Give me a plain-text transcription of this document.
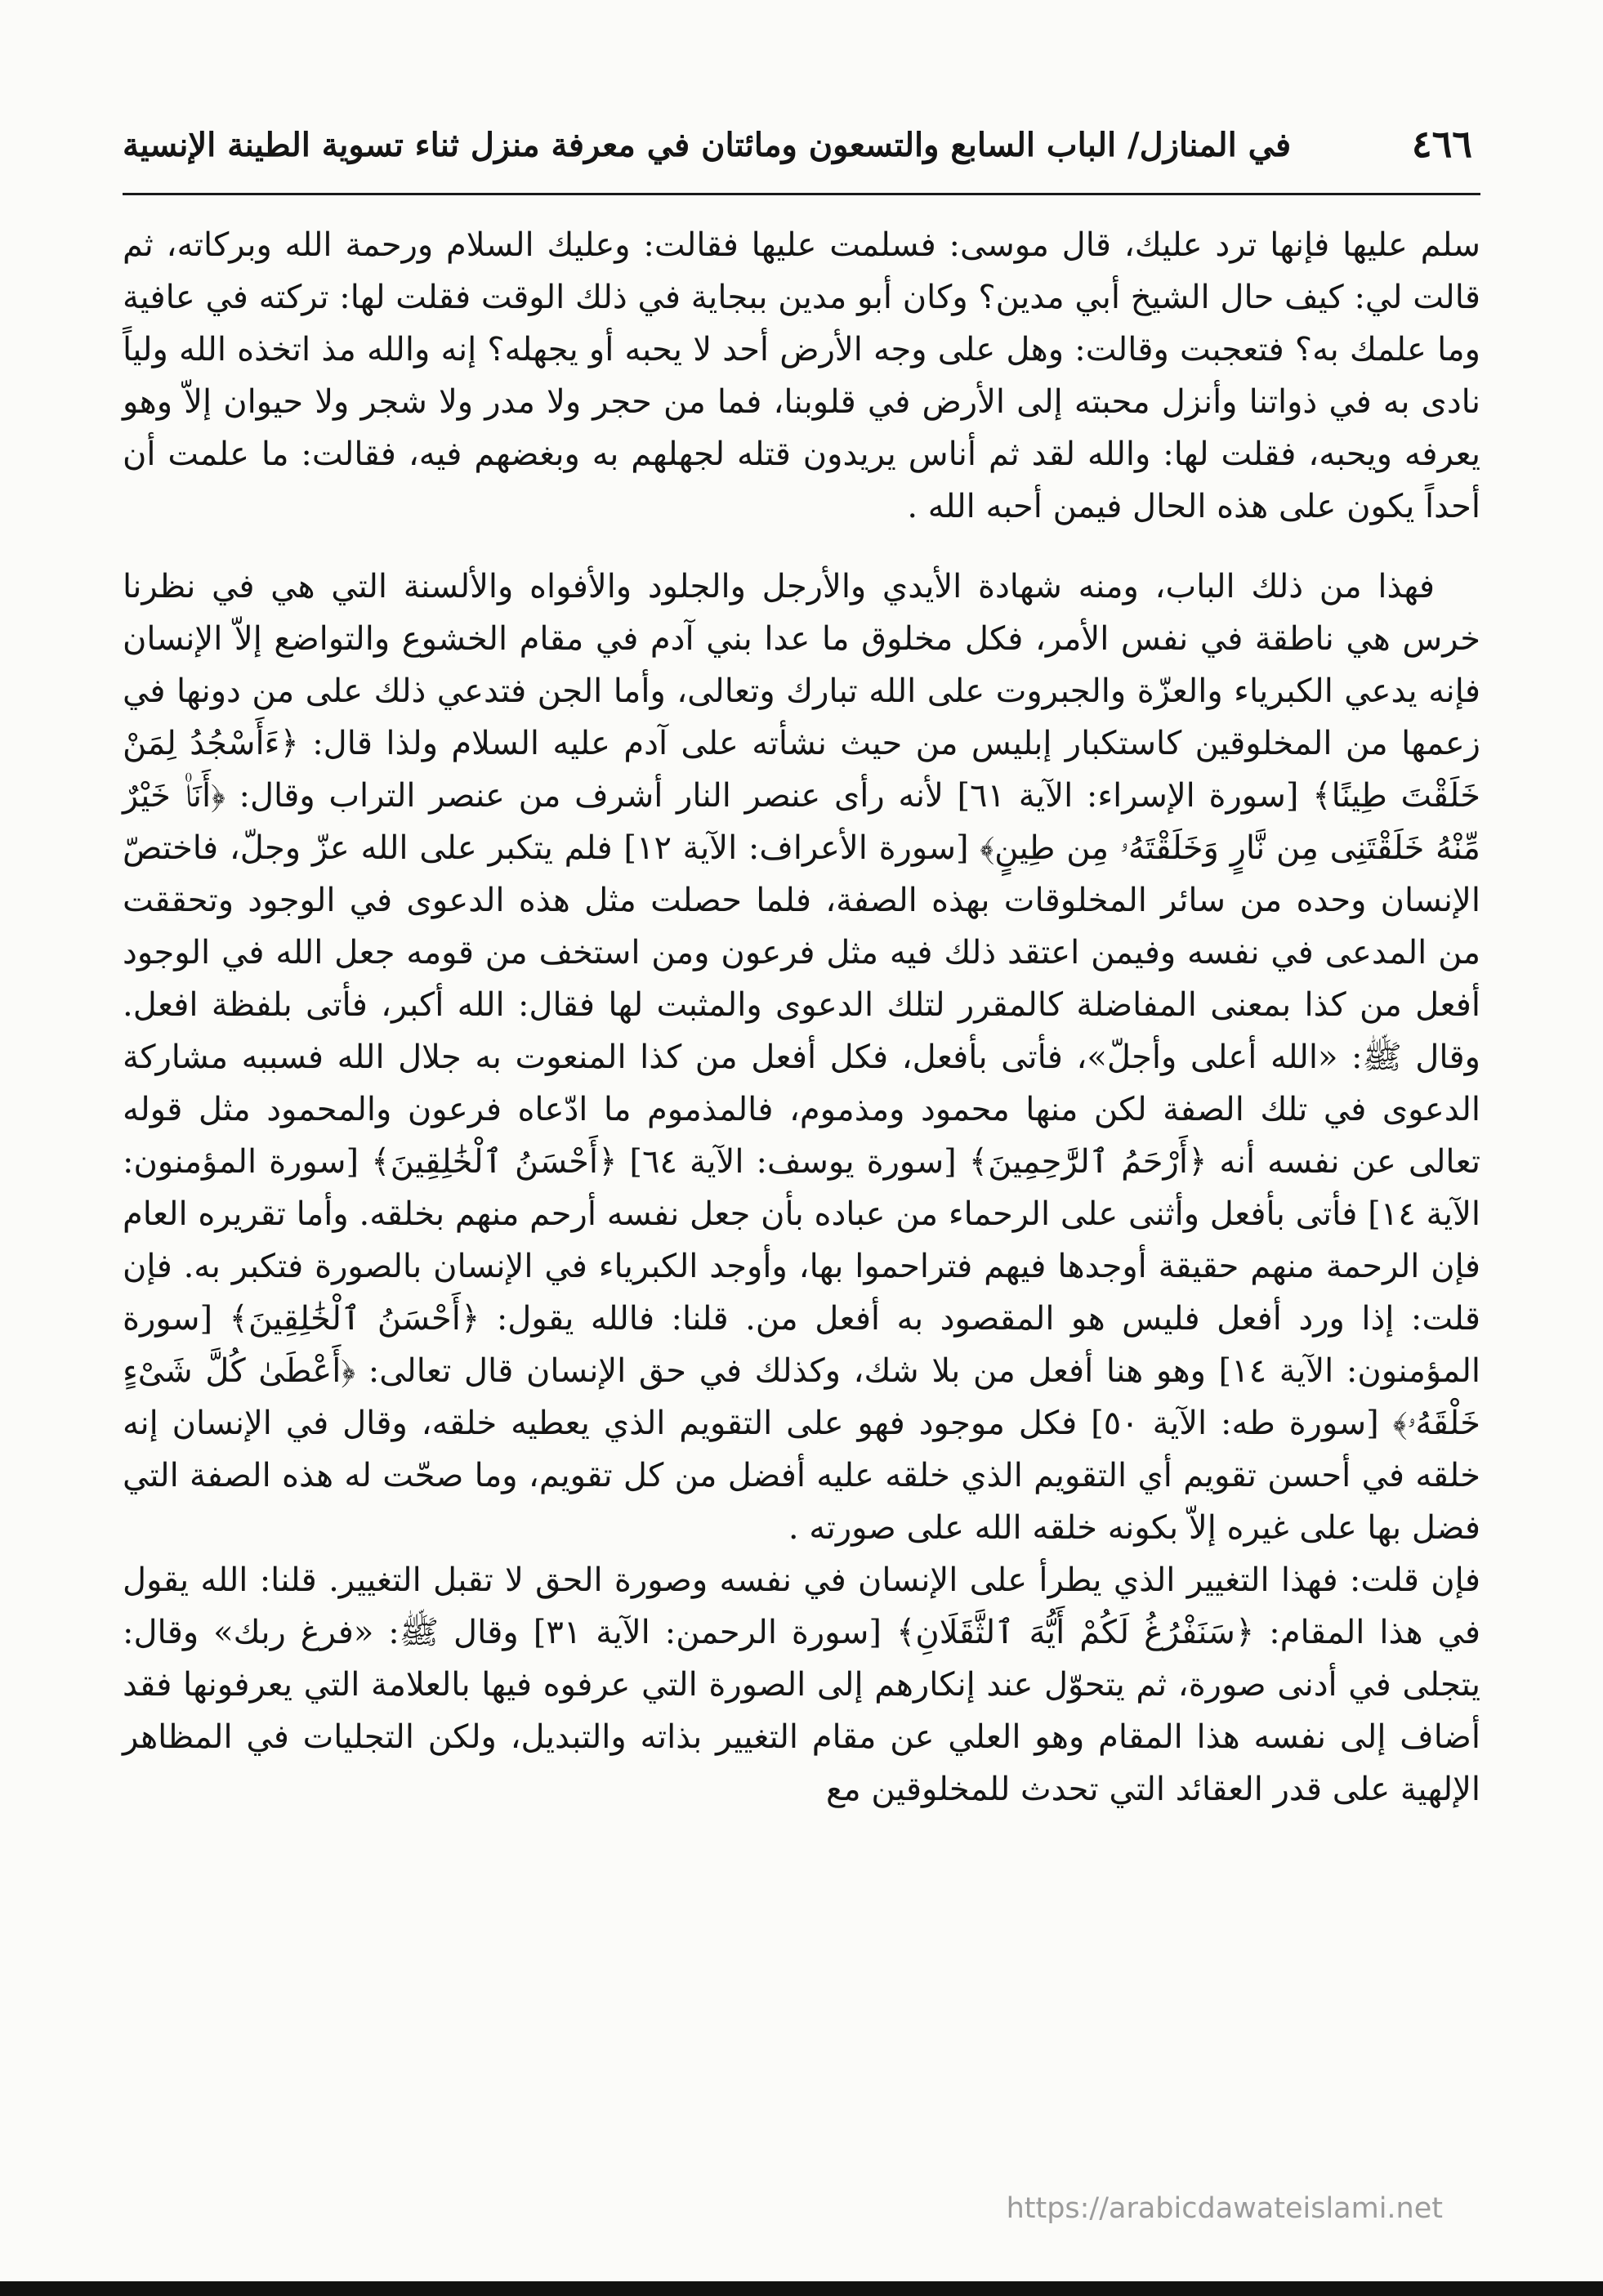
٤٦٦
في المنازل/ الباب السابع والتسعون ومائتان في معرفة منزل ثناء تسوية الطينة الإنسية

سلم عليها فإنها ترد عليك، قال موسى: فسلمت عليها فقالت: وعليك السلام ورحمة الله وبركاته، ثم قالت لي: كيف حال الشيخ أبي مدين؟ وكان أبو مدين ببجاية في ذلك الوقت فقلت لها: تركته في عافية وما علمك به؟ فتعجبت وقالت: وهل على وجه الأرض أحد لا يحبه أو يجهله؟ إنه والله مذ اتخذه الله ولياً نادى به في ذواتنا وأنزل محبته إلى الأرض في قلوبنا، فما من حجر ولا مدر ولا شجر ولا حيوان إلاّ وهو يعرفه ويحبه، فقلت لها: والله لقد ثم أناس يريدون قتله لجهلهم به وبغضهم فيه، فقالت: ما علمت أن أحداً يكون على هذه الحال فيمن أحبه الله .

فهذا من ذلك الباب، ومنه شهادة الأيدي والأرجل والجلود والأفواه والألسنة التي هي في نظرنا خرس هي ناطقة في نفس الأمر، فكل مخلوق ما عدا بني آدم في مقام الخشوع والتواضع إلاّ الإنسان فإنه يدعي الكبرياء والعزّة والجبروت على الله تبارك وتعالى، وأما الجن فتدعي ذلك على من دونها في زعمها من المخلوقين كاستكبار إبليس من حيث نشأته على آدم عليه السلام ولذا قال: ﴿ءَأَسْجُدُ لِمَنْ خَلَقْتَ طِينًا﴾ [سورة الإسراء: الآية ٦١] لأنه رأى عنصر النار أشرف من عنصر التراب وقال: ﴿أَنَا۠ خَيْرٌ مِّنْهُ خَلَقْتَنِى مِن نَّارٍ وَخَلَقْتَهُۥ مِن طِينٍ﴾ [سورة الأعراف: الآية ١٢] فلم يتكبر على الله عزّ وجلّ، فاختصّ الإنسان وحده من سائر المخلوقات بهذه الصفة، فلما حصلت مثل هذه الدعوى في الوجود وتحققت من المدعى في نفسه وفيمن اعتقد ذلك فيه مثل فرعون ومن استخف من قومه جعل الله في الوجود أفعل من كذا بمعنى المفاضلة كالمقرر لتلك الدعوى والمثبت لها فقال: الله أكبر، فأتى بلفظة افعل. وقال ﷺ: «الله أعلى وأجلّ»، فأتى بأفعل، فكل أفعل من كذا المنعوت به جلال الله فسببه مشاركة الدعوى في تلك الصفة لكن منها محمود ومذموم، فالمذموم ما ادّعاه فرعون والمحمود مثل قوله تعالى عن نفسه أنه ﴿أَرْحَمُ ٱلرَّٰحِمِينَ﴾ [سورة يوسف: الآية ٦٤] ﴿أَحْسَنُ ٱلْخَٰلِقِينَ﴾ [سورة المؤمنون: الآية ١٤] فأتى بأفعل وأثنى على الرحماء من عباده بأن جعل نفسه أرحم منهم بخلقه. وأما تقريره العام فإن الرحمة منهم حقيقة أوجدها فيهم فتراحموا بها، وأوجد الكبرياء في الإنسان بالصورة فتكبر به. فإن قلت: إذا ورد أفعل فليس هو المقصود به أفعل من. قلنا: فالله يقول: ﴿أَحْسَنُ ٱلْخَٰلِقِينَ﴾ [سورة المؤمنون: الآية ١٤] وهو هنا أفعل من بلا شك، وكذلك في حق الإنسان قال تعالى: ﴿أَعْطَىٰ كُلَّ شَىْءٍ خَلْقَهُۥ﴾ [سورة طه: الآية ٥٠] فكل موجود فهو على التقويم الذي يعطيه خلقه، وقال في الإنسان إنه خلقه في أحسن تقويم أي التقويم الذي خلقه عليه أفضل من كل تقويم، وما صحّت له هذه الصفة التي فضل بها على غيره إلاّ بكونه خلقه الله على صورته .

فإن قلت: فهذا التغيير الذي يطرأ على الإنسان في نفسه وصورة الحق لا تقبل التغيير. قلنا: الله يقول في هذا المقام: ﴿سَنَفْرُغُ لَكُمْ أَيُّهَ ٱلثَّقَلَانِ﴾ [سورة الرحمن: الآية ٣١] وقال ﷺ: «فرغ ربك» وقال: يتجلى في أدنى صورة، ثم يتحوّل عند إنكارهم إلى الصورة التي عرفوه فيها بالعلامة التي يعرفونها فقد أضاف إلى نفسه هذا المقام وهو العلي عن مقام التغيير بذاته والتبديل، ولكن التجليات في المظاهر الإلهية على قدر العقائد التي تحدث للمخلوقين مع

https://arabicdawateislami.net
